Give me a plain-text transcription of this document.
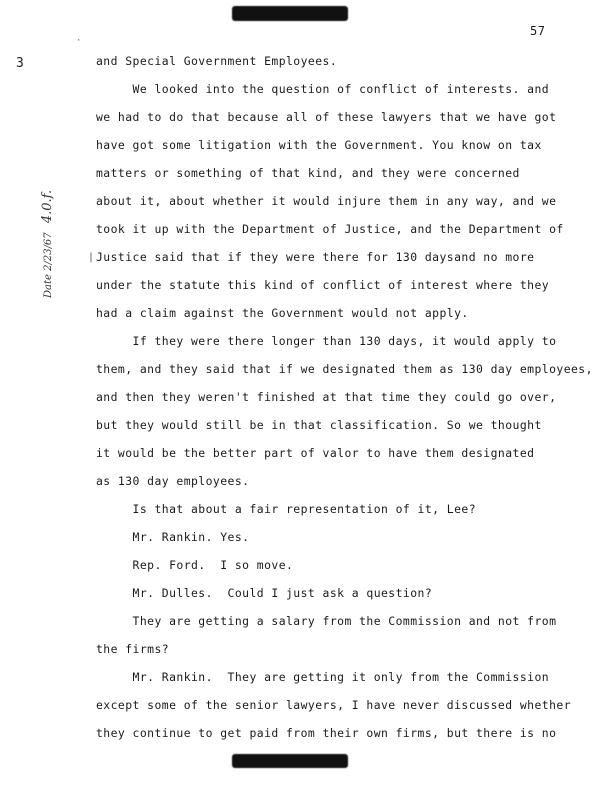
57
3
·
and Special Government Employees.
We looked into the question of conflict of interests. and
we had to do that because all of these lawyers that we have got
have got some litigation with the Government. You know on tax
matters or something of that kind, and they were concerned
about it, about whether it would injure them in any way, and we
took it up with the Department of Justice, and the Department of
Justice said that if they were there for 130 daysand no more
under the statute this kind of conflict of interest where they
had a claim against the Government would not apply.
If they were there longer than 130 days, it would apply to
them, and they said that if we designated them as 130 day employees,
and then they weren't finished at that time they could go over,
but they would still be in that classification. So we thought
it would be the better part of valor to have them designated
as 130 day employees.
Is that about a fair representation of it, Lee?
Mr. Rankin. Yes.
Rep. Ford.  I so move.
Mr. Dulles.  Could I just ask a question?
They are getting a salary from the Commission and not from
the firms?
Mr. Rankin.  They are getting it only from the Commission
except some of the senior lawyers, I have never discussed whether
they continue to get paid from their own firms, but there is no
Date 2/23/67 4.0.f.
|
